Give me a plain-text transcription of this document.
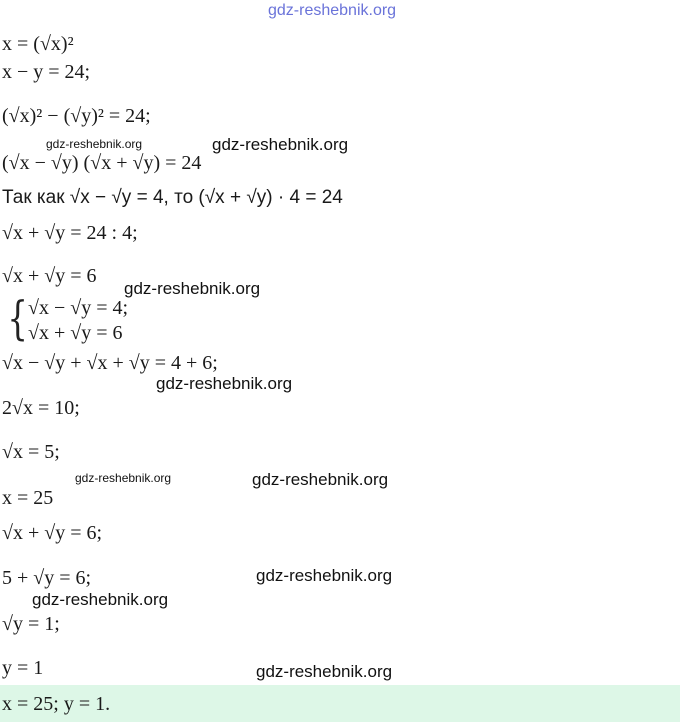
gdz-reshebnik.org
x = (√x)²
x − y = 24;
(√x)² − (√y)² = 24;
gdz-reshebnik.org	gdz-reshebnik.org
(√x − √y) (√x + √y) = 24
Так как √x − √y = 4, то (√x + √y) · 4 = 24
√x + √y = 24 : 4;
√x + √y = 6
gdz-reshebnik.org
{ √x − √y = 4;
√x + √y = 6
√x − √y + √x + √y = 4 + 6;
gdz-reshebnik.org
2√x = 10;
√x = 5;
gdz-reshebnik.org	gdz-reshebnik.org
x = 25
√x + √y = 6;
5 + √y = 6;	gdz-reshebnik.org
gdz-reshebnik.org
√y = 1;
y = 1	gdz-reshebnik.org
x = 25; y = 1.
